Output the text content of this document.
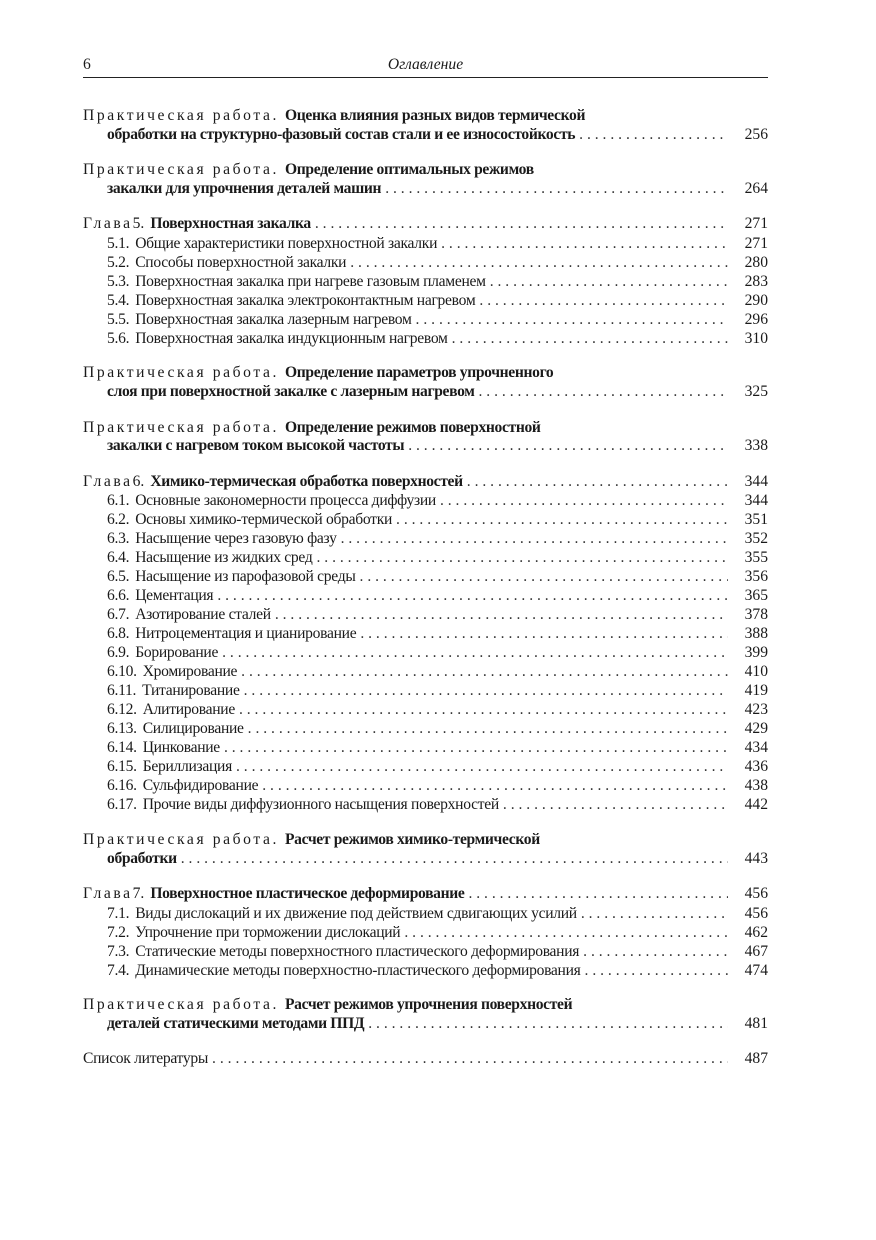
6	Оглавление
Практическая работа. Оценка влияния разных видов термической
обработки на структурно-фазовый состав стали и ее износостойкость . . .	256
Практическая работа. Определение оптимальных режимов
закалки для упрочнения деталей машин . . .	264
Глава 5. Поверхностная закалка . . .	271
5.1. Общие характеристики поверхностной закалки . . .	271
5.2. Способы поверхностной закалки . . .	280
5.3. Поверхностная закалка при нагреве газовым пламенем . . .	283
5.4. Поверхностная закалка электроконтактным нагревом . . .	290
5.5. Поверхностная закалка лазерным нагревом . . .	296
5.6. Поверхностная закалка индукционным нагревом . . .	310
Практическая работа. Определение параметров упрочненного
слоя при поверхностной закалке с лазерным нагревом . . .	325
Практическая работа. Определение режимов поверхностной
закалки с нагревом током высокой частоты . . .	338
Глава 6. Химико-термическая обработка поверхностей . . .	344
6.1. Основные закономерности процесса диффузии . . .	344
6.2. Основы химико-термической обработки . . .	351
6.3. Насыщение через газовую фазу . . .	352
6.4. Насыщение из жидких сред . . .	355
6.5. Насыщение из парофазовой среды . . .	356
6.6. Цементация . . .	365
6.7. Азотирование сталей . . .	378
6.8. Нитроцементация и цианирование . . .	388
6.9. Борирование . . .	399
6.10. Хромирование . . .	410
6.11. Титанирование . . .	419
6.12. Алитирование . . .	423
6.13. Силицирование . . .	429
6.14. Цинкование . . .	434
6.15. Бериллизация . . .	436
6.16. Сульфидирование . . .	438
6.17. Прочие виды диффузионного насыщения поверхностей . . .	442
Практическая работа. Расчет режимов химико-термической
обработки . . .	443
Глава 7. Поверхностное пластическое деформирование . . .	456
7.1. Виды дислокаций и их движение под действием сдвигающих усилий . . .	456
7.2. Упрочнение при торможении дислокаций . . .	462
7.3. Статические методы поверхностного пластического деформирования . . .	467
7.4. Динамические методы поверхностно-пластического деформирования . . .	474
Практическая работа. Расчет режимов упрочнения поверхностей
деталей статическими методами ППД . . .	481
Список литературы . . .	487
